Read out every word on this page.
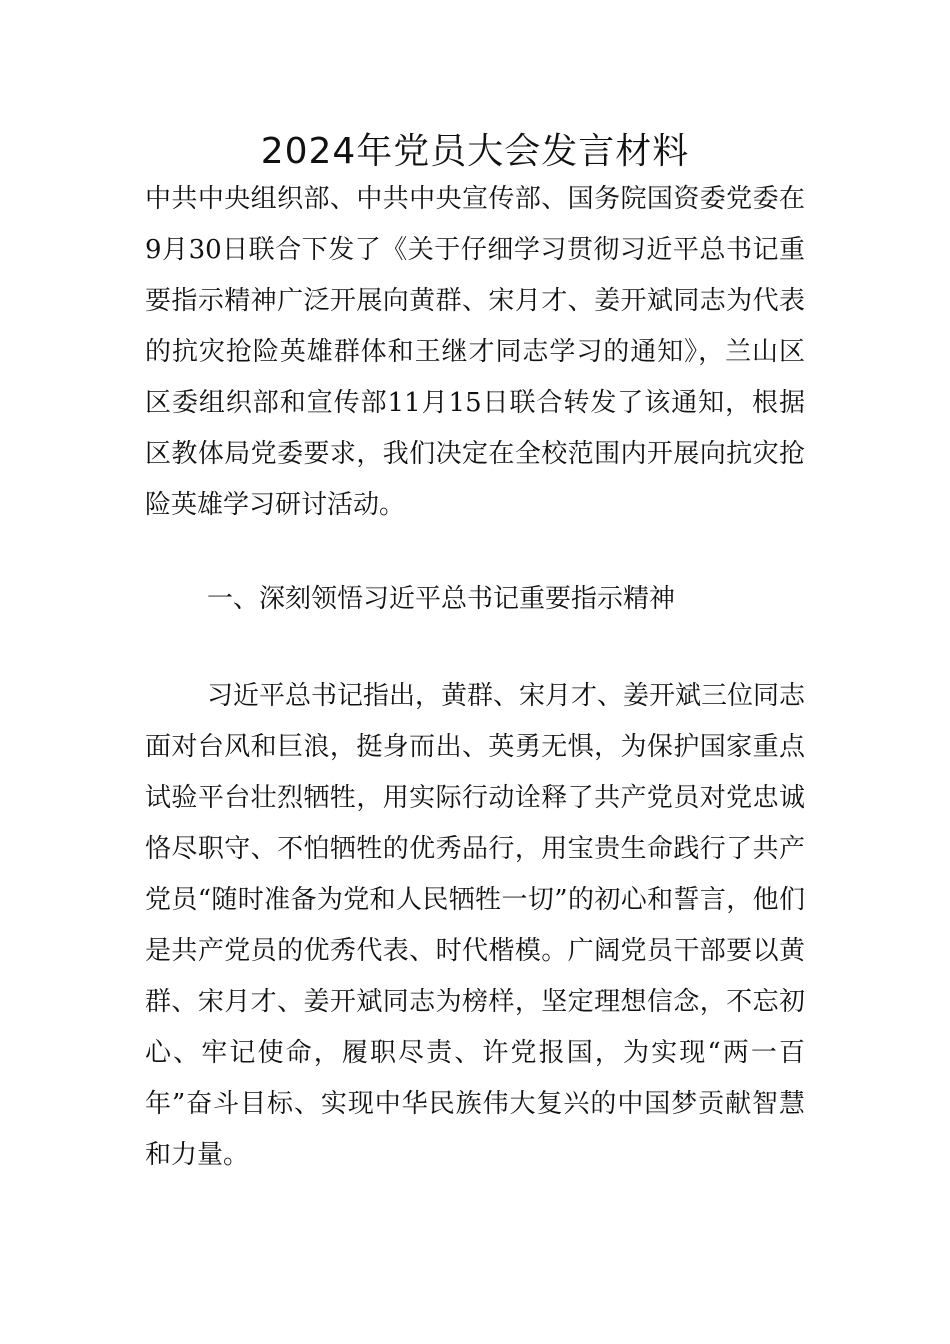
2024年党员大会发言材料

中共中央组织部、中共中央宣传部、国务院国资委党委在9月30日联合下发了《关于仔细学习贯彻习近平总书记重要指示精神广泛开展向黄群、宋月才、姜开斌同志为代表的抗灾抢险英雄群体和王继才同志学习的通知》，兰山区区委组织部和宣传部11月15日联合转发了该通知，根据区教体局党委要求，我们决定在全校范围内开展向抗灾抢险英雄学习研讨活动。

一、深刻领悟习近平总书记重要指示精神

习近平总书记指出，黄群、宋月才、姜开斌三位同志面对台风和巨浪，挺身而出、英勇无惧，为保护国家重点试验平台壮烈牺牲，用实际行动诠释了共产党员对党忠诚恪尽职守、不怕牺牲的优秀品行，用宝贵生命践行了共产党员“随时准备为党和人民牺牲一切”的初心和誓言，他们是共产党员的优秀代表、时代楷模。广阔党员干部要以黄群、宋月才、姜开斌同志为榜样，坚定理想信念，不忘初心、牢记使命，履职尽责、许党报国，为实现“两一百年”奋斗目标、实现中华民族伟大复兴的中国梦贡献智慧和力量。
